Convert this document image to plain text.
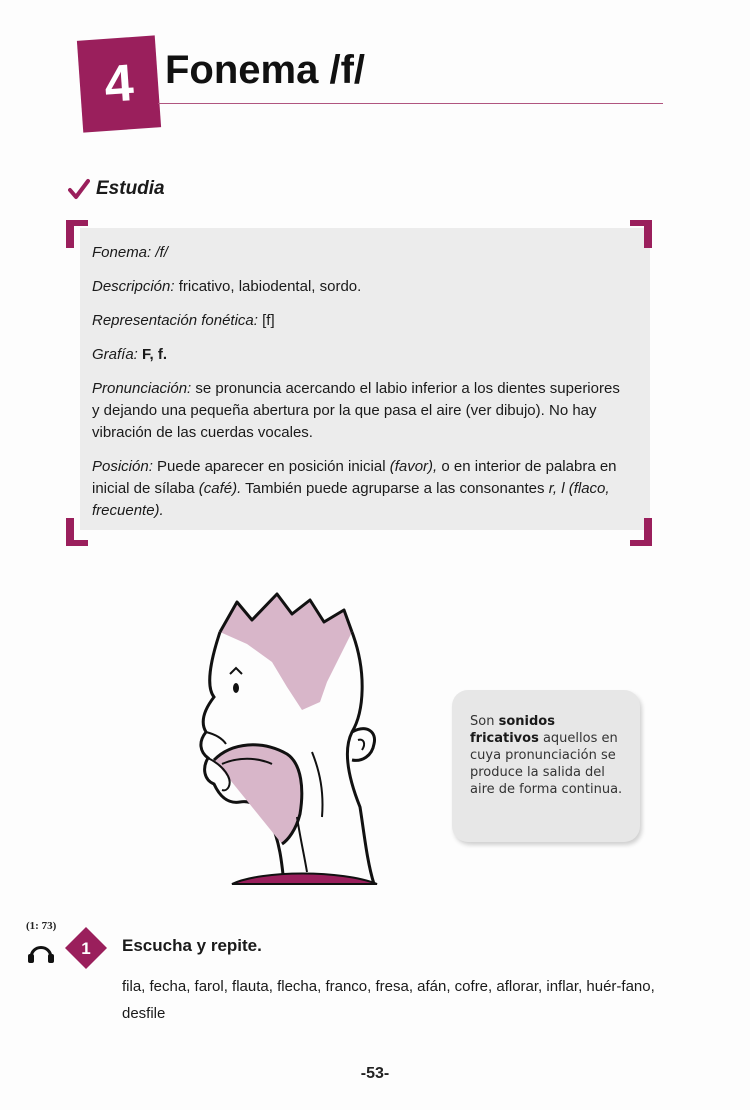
4 Fonema /f/
Estudia

Fonema: /f/

Descripción: fricativo, labiodental, sordo.

Representación fonética: [f]

Grafía: F, f.

Pronunciación: se pronuncia acercando el labio inferior a los dientes superiores y dejando una pequeña abertura por la que pasa el aire (ver dibujo). No hay vibración de las cuerdas vocales.

Posición: Puede aparecer en posición inicial (favor), o en interior de palabra en inicial de sílaba (café). También puede agruparse a las consonantes r, l (flaco, frecuente).

Son sonidos fricativos aquellos en cuya pronunciación se produce la salida del aire de forma continua.
(1: 73)
1 Escucha y repite.
fila, fecha, farol, flauta, flecha, franco, fresa, afán, cofre, aflorar, inflar, huér-fano, desfile
-53-
